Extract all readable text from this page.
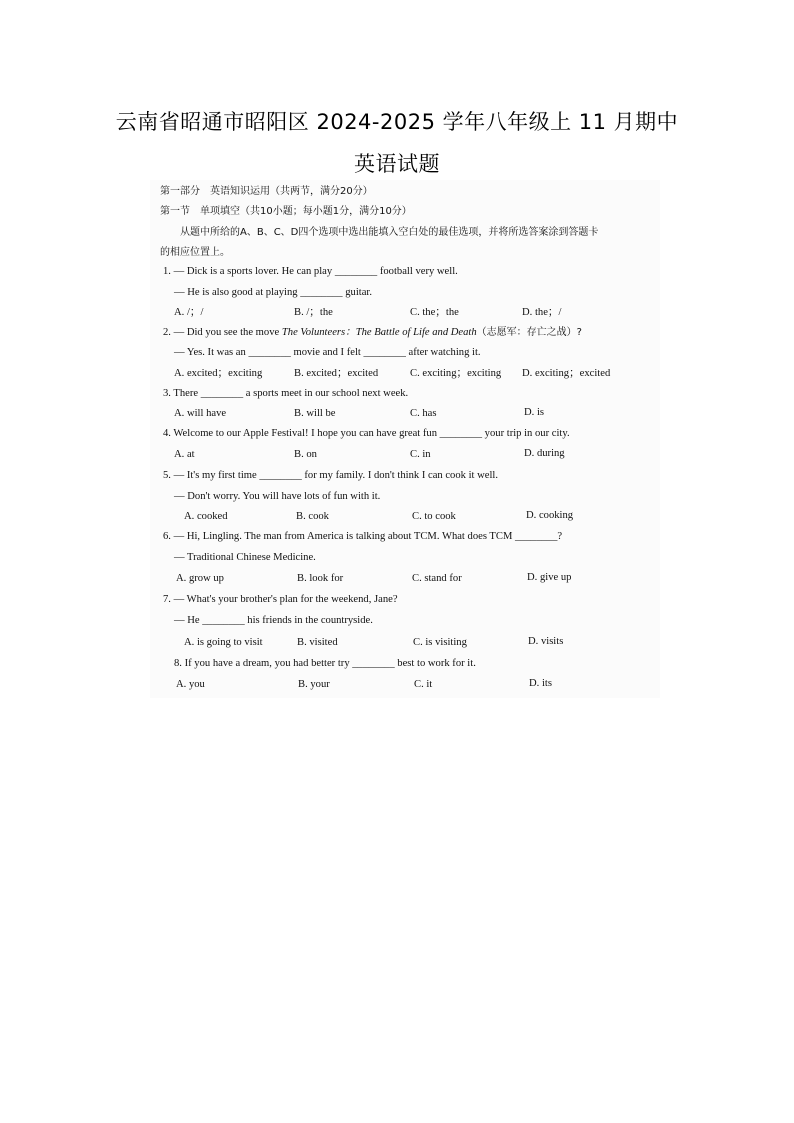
云南省昭通市昭阳区 2024-2025 学年八年级上 11 月期中
英语试题
第一部分　英语知识运用（共两节，满分20分）
第一节　单项填空（共10小题；每小题1分，满分10分）
从题中所给的A、B、C、D四个选项中选出能填入空白处的最佳选项，并将所选答案涂到答题卡
的相应位置上。
1. — Dick is a sports lover. He can play ________ football very well.
— He is also good at playing ________ guitar.
A. /；/	B. /；the	C. the；the	D. the；/
2. — Did you see the move The Volunteers：The Battle of Life and Death（志愿军：存亡之战）?
— Yes. It was an ________ movie and I felt ________ after watching it.
A. excited；exciting	B. excited；excited	C. exciting；exciting D. exciting；excited
3. There ________ a sports meet in our school next week.
A. will have	B. will be	C. has	D. is
4. Welcome to our Apple Festival! I hope you can have great fun ________ your trip in our city.
A. at	B. on	C. in	D. during
5. — It's my first time ________ for my family. I don't think I can cook it well.
— Don't worry. You will have lots of fun with it.
A. cooked	B. cook	C. to cook	D. cooking
6. — Hi, Lingling. The man from America is talking about TCM. What does TCM ________?
— Traditional Chinese Medicine.
A. grow up	B. look for	C. stand for	D. give up
7. — What's your brother's plan for the weekend, Jane?
— He ________ his friends in the countryside.
A. is going to visit	B. visited	C. is visiting	D. visits
8. If you have a dream, you had better try ________ best to work for it.
A. you	B. your	C. it	D. its
